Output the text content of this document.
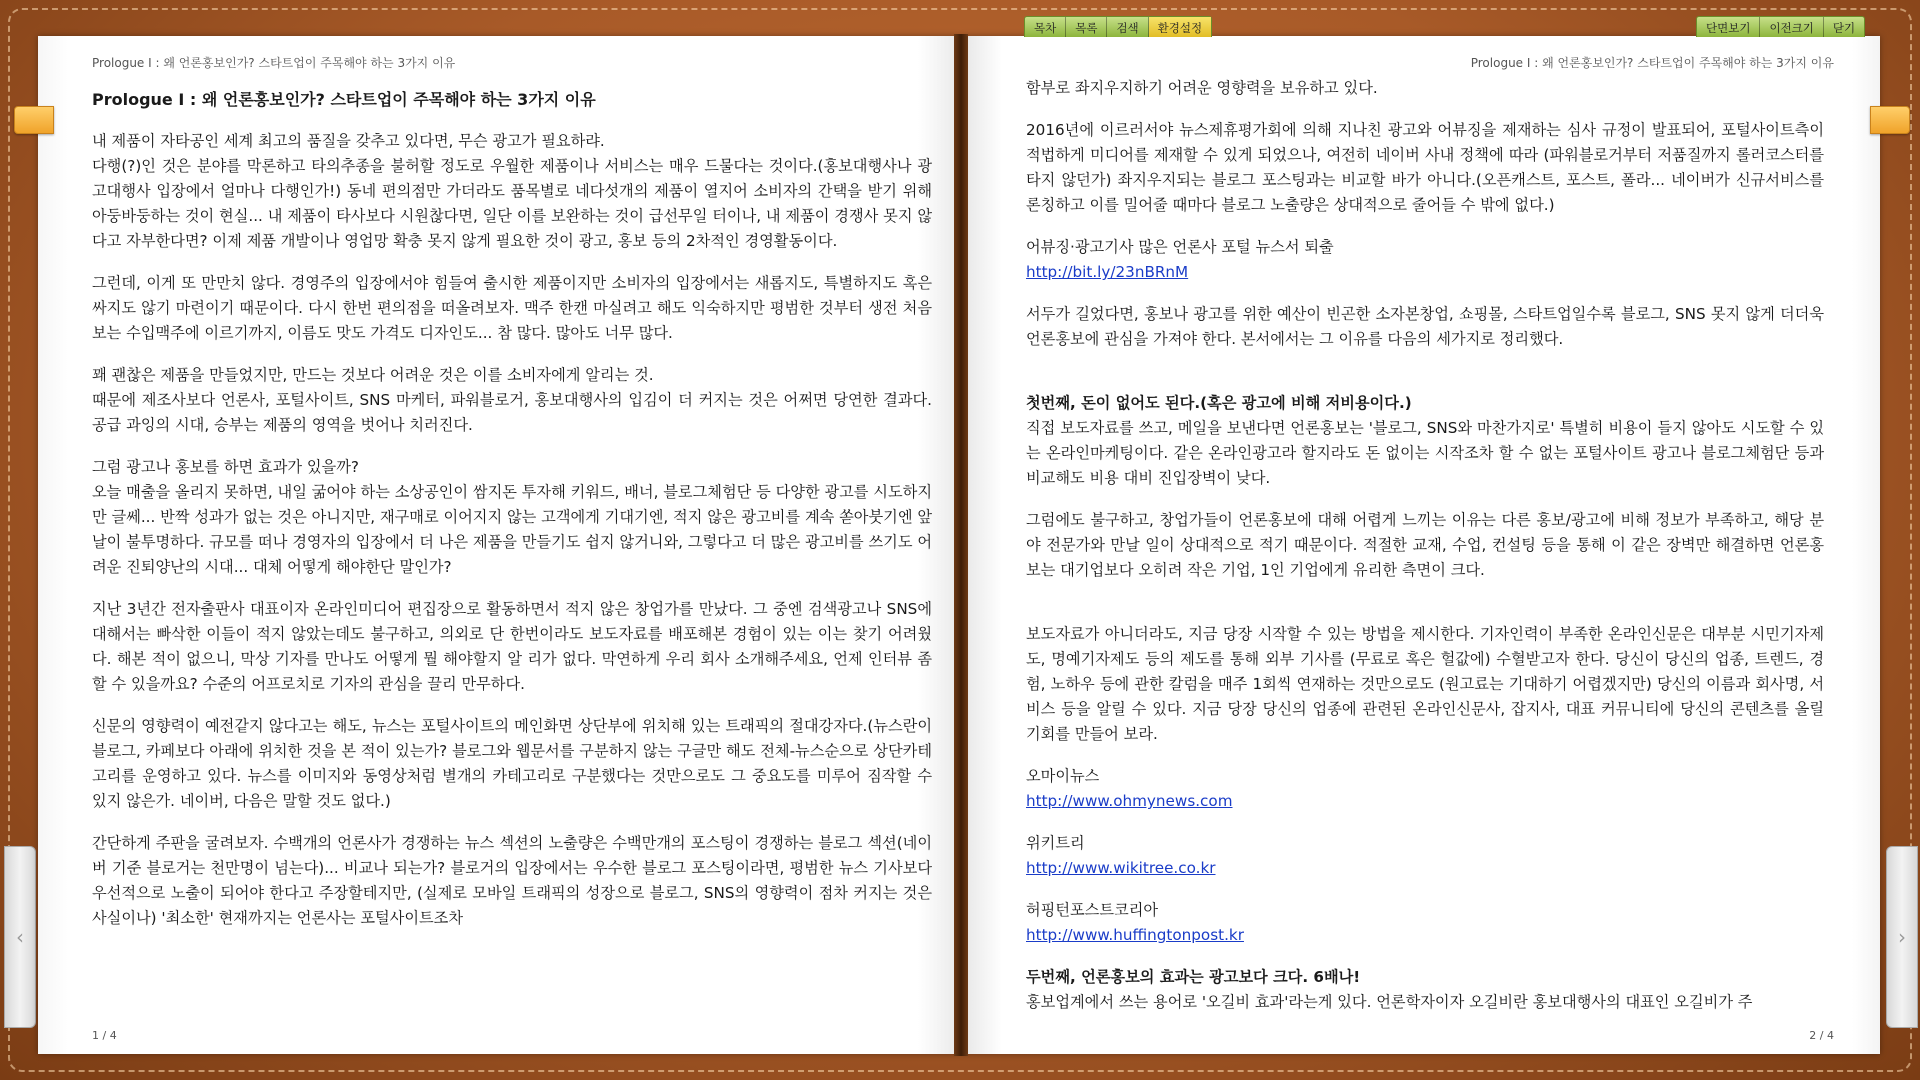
‹	›
Prologue Ⅰ : 왜 언론홍보인가? 스타트업이 주목해야 하는 3가지 이유
Prologue Ⅰ : 왜 언론홍보인가? 스타트업이 주목해야 하는 3가지 이유

내 제품이 자타공인 세계 최고의 품질을 갖추고 있다면, 무슨 광고가 필요하랴.
다행(?)인 것은 분야를 막론하고 타의추종을 불허할 정도로 우월한 제품이나 서비스는 매우 드물다는 것이다.(홍보대행사나 광고대행사 입장에서 얼마나 다행인가!) 동네 편의점만 가더라도 품목별로 네다섯개의 제품이 열지어 소비자의 간택을 받기 위해 아둥바둥하는 것이 현실... 내 제품이 타사보다 시원찮다면, 일단 이를 보완하는 것이 급선무일 터이나, 내 제품이 경쟁사 못지 않다고 자부한다면? 이제 제품 개발이나 영업망 확충 못지 않게 필요한 것이 광고, 홍보 등의 2차적인 경영활동이다.

그런데, 이게 또 만만치 않다. 경영주의 입장에서야 힘들여 출시한 제품이지만 소비자의 입장에서는 새롭지도, 특별하지도 혹은 싸지도 않기 마련이기 때문이다. 다시 한번 편의점을 떠올려보자. 맥주 한캔 마실려고 해도 익숙하지만 평범한 것부터 생전 처음 보는 수입맥주에 이르기까지, 이름도 맛도 가격도 디자인도... 참 많다. 많아도 너무 많다.

꽤 괜찮은 제품을 만들었지만, 만드는 것보다 어려운 것은 이를 소비자에게 알리는 것.
때문에 제조사보다 언론사, 포털사이트, SNS 마케터, 파워블로거, 홍보대행사의 입김이 더 커지는 것은 어쩌면 당연한 결과다. 공급 과잉의 시대, 승부는 제품의 영역을 벗어나 치러진다.

그럼 광고나 홍보를 하면 효과가 있을까?
오늘 매출을 올리지 못하면, 내일 굶어야 하는 소상공인이 쌈지돈 투자해 키워드, 배너, 블로그체험단 등 다양한 광고를 시도하지만 글쎄... 반짝 성과가 없는 것은 아니지만, 재구매로 이어지지 않는 고객에게 기대기엔, 적지 않은 광고비를 계속 쏟아붓기엔 앞날이 불투명하다. 규모를 떠나 경영자의 입장에서 더 나은 제품을 만들기도 쉽지 않거니와, 그렇다고 더 많은 광고비를 쓰기도 어려운 진퇴양난의 시대... 대체 어떻게 해야한단 말인가?

지난 3년간 전자출판사 대표이자 온라인미디어 편집장으로 활동하면서 적지 않은 창업가를 만났다. 그 중엔 검색광고나 SNS에 대해서는 빠삭한 이들이 적지 않았는데도 불구하고, 의외로 단 한번이라도 보도자료를 배포해본 경험이 있는 이는 찾기 어려웠다. 해본 적이 없으니, 막상 기자를 만나도 어떻게 뭘 해야할지 알 리가 없다. 막연하게 우리 회사 소개해주세요, 언제 인터뷰 좀 할 수 있을까요? 수준의 어프로치로 기자의 관심을 끌리 만무하다.

신문의 영향력이 예전같지 않다고는 해도, 뉴스는 포털사이트의 메인화면 상단부에 위치해 있는 트래픽의 절대강자다.(뉴스란이 블로그, 카페보다 아래에 위치한 것을 본 적이 있는가? 블로그와 웹문서를 구분하지 않는 구글만 해도 전체-뉴스순으로 상단카테고리를 운영하고 있다. 뉴스를 이미지와 동영상처럼 별개의 카테고리로 구분했다는 것만으로도 그 중요도를 미루어 짐작할 수 있지 않은가. 네이버, 다음은 말할 것도 없다.)

간단하게 주판을 굴려보자. 수백개의 언론사가 경쟁하는 뉴스 섹션의 노출량은 수백만개의 포스팅이 경쟁하는 블로그 섹션(네이버 기준 블로거는 천만명이 넘는다)... 비교나 되는가? 블로거의 입장에서는 우수한 블로그 포스팅이라면, 평범한 뉴스 기사보다 우선적으로 노출이 되어야 한다고 주장할테지만, (실제로 모바일 트래픽의 성장으로 블로그, SNS의 영향력이 점차 커지는 것은 사실이나) '최소한' 현재까지는 언론사는 포털사이트조차

1 / 4
Prologue Ⅰ : 왜 언론홍보인가? 스타트업이 주목해야 하는 3가지 이유

함부로 좌지우지하기 어려운 영향력을 보유하고 있다.

2016년에 이르러서야 뉴스제휴평가회에 의해 지나친 광고와 어뷰징을 제재하는 심사 규정이 발표되어, 포털사이트측이 적법하게 미디어를 제재할 수 있게 되었으나, 여전히 네이버 사내 정책에 따라 (파워블로거부터 저품질까지 롤러코스터를 타지 않던가) 좌지우지되는 블로그 포스팅과는 비교할 바가 아니다.(오픈캐스트, 포스트, 폴라... 네이버가 신규서비스를 론칭하고 이를 밀어줄 때마다 블로그 노출량은 상대적으로 줄어들 수 밖에 없다.)

어뷰징·광고기사 많은 언론사 포털 뉴스서 퇴출

http://bit.ly/23nBRnM

서두가 길었다면, 홍보나 광고를 위한 예산이 빈곤한 소자본창업, 쇼핑몰, 스타트업일수록 블로그, SNS 못지 않게 더더욱 언론홍보에 관심을 가져야 한다. 본서에서는 그 이유를 다음의 세가지로 정리했다.

첫번째, 돈이 없어도 된다.(혹은 광고에 비해 저비용이다.)

직접 보도자료를 쓰고, 메일을 보낸다면 언론홍보는 '블로그, SNS와 마찬가지로' 특별히 비용이 들지 않아도 시도할 수 있는 온라인마케팅이다. 같은 온라인광고라 할지라도 돈 없이는 시작조차 할 수 없는 포털사이트 광고나 블로그체험단 등과 비교해도 비용 대비 진입장벽이 낮다.

그럼에도 불구하고, 창업가들이 언론홍보에 대해 어렵게 느끼는 이유는 다른 홍보/광고에 비해 정보가 부족하고, 해당 분야 전문가와 만날 일이 상대적으로 적기 때문이다. 적절한 교재, 수업, 컨설팅 등을 통해 이 같은 장벽만 해결하면 언론홍보는 대기업보다 오히려 작은 기업, 1인 기업에게 유리한 측면이 크다.

보도자료가 아니더라도, 지금 당장 시작할 수 있는 방법을 제시한다. 기자인력이 부족한 온라인신문은 대부분 시민기자제도, 명예기자제도 등의 제도를 통해 외부 기사를 (무료로 혹은 헐값에) 수혈받고자 한다. 당신이 당신의 업종, 트렌드, 경험, 노하우 등에 관한 칼럼을 매주 1회씩 연재하는 것만으로도 (원고료는 기대하기 어렵겠지만) 당신의 이름과 회사명, 서비스 등을 알릴 수 있다. 지금 당장 당신의 업종에 관련된 온라인신문사, 잡지사, 대표 커뮤니티에 당신의 콘텐츠를 올릴 기회를 만들어 보라.

오마이뉴스

http://www.ohmynews.com

위키트리

http://www.wikitree.co.kr

허핑턴포스트코리아

http://www.huffingtonpost.kr

두번째, 언론홍보의 효과는 광고보다 크다. 6배나!

홍보업계에서 쓰는 용어로 '오길비 효과'라는게 있다. 언론학자이자 오길비란 홍보대행사의 대표인 오길비가 주

2 / 4
목차	목록	검색	환경설정	단면보기	이전크기	닫기
